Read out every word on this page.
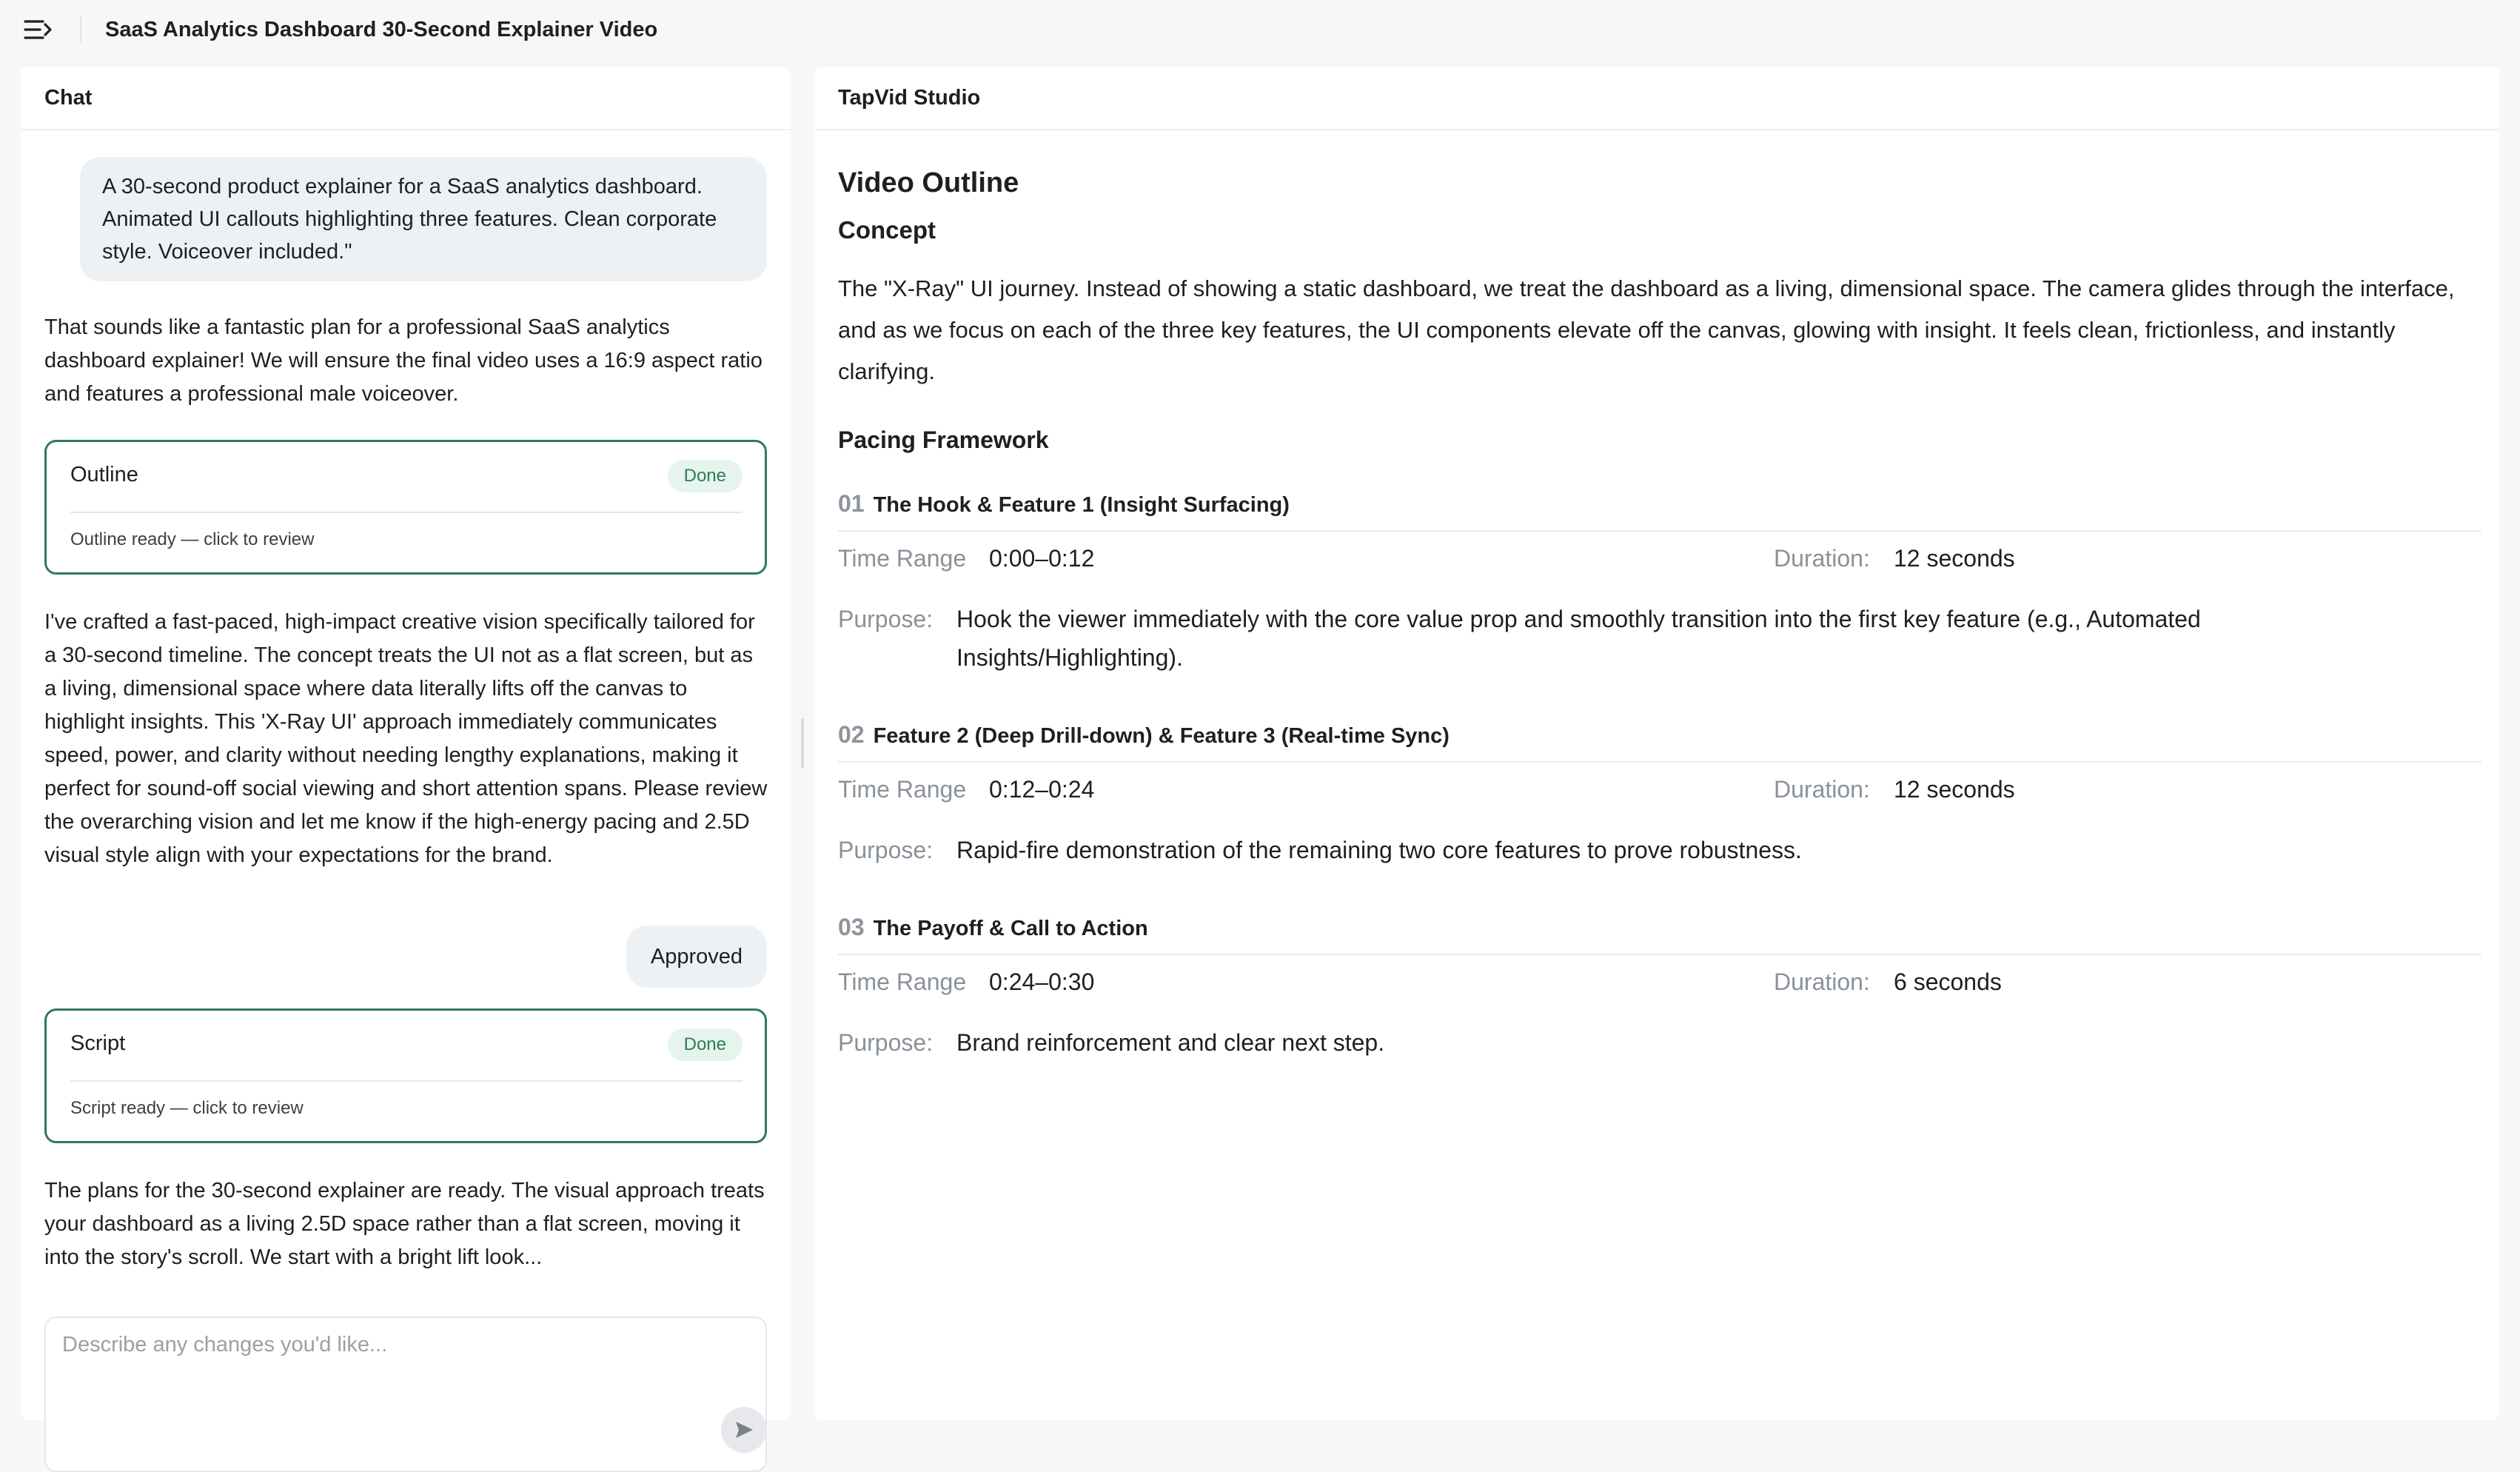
SaaS Analytics Dashboard 30-Second Explainer Video
Chat
A 30-second product explainer for a SaaS analytics dashboard. Animated UI callouts highlighting three features. Clean corporate style. Voiceover included."
That sounds like a fantastic plan for a professional SaaS analytics dashboard explainer! We will ensure the final video uses a 16:9 aspect ratio and features a professional male voiceover.
Outline	Done
Outline ready — click to review
I've crafted a fast-paced, high-impact creative vision specifically tailored for a 30-second timeline. The concept treats the UI not as a flat screen, but as a living, dimensional space where data literally lifts off the canvas to highlight insights. This 'X-Ray UI' approach immediately communicates speed, power, and clarity without needing lengthy explanations, making it perfect for sound-off social viewing and short attention spans. Please review the overarching vision and let me know if the high-energy pacing and 2.5D visual style align with your expectations for the brand.
Approved
Script	Done
Script ready — click to review
The plans for the 30-second explainer are ready. The visual approach treats your dashboard as a living 2.5D space rather than a flat screen, moving it into the story's scroll. We start with a bright lift look...
Describe any changes you'd like...
TapVid Studio
Video Outline
Concept
The "X-Ray" UI journey. Instead of showing a static dashboard, we treat the dashboard as a living, dimensional space. The camera glides through the interface, and as we focus on each of the three key features, the UI components elevate off the canvas, glowing with insight. It feels clean, frictionless, and instantly clarifying.
Pacing Framework
01 The Hook & Feature 1 (Insight Surfacing)
Time Range 0:00–0:12	Duration: 12 seconds
Purpose: Hook the viewer immediately with the core value prop and smoothly transition into the first key feature (e.g., Automated Insights/Highlighting).
02 Feature 2 (Deep Drill-down) & Feature 3 (Real-time Sync)
Time Range 0:12–0:24	Duration: 12 seconds
Purpose: Rapid-fire demonstration of the remaining two core features to prove robustness.
03 The Payoff & Call to Action
Time Range 0:24–0:30	Duration: 6 seconds
Purpose: Brand reinforcement and clear next step.
